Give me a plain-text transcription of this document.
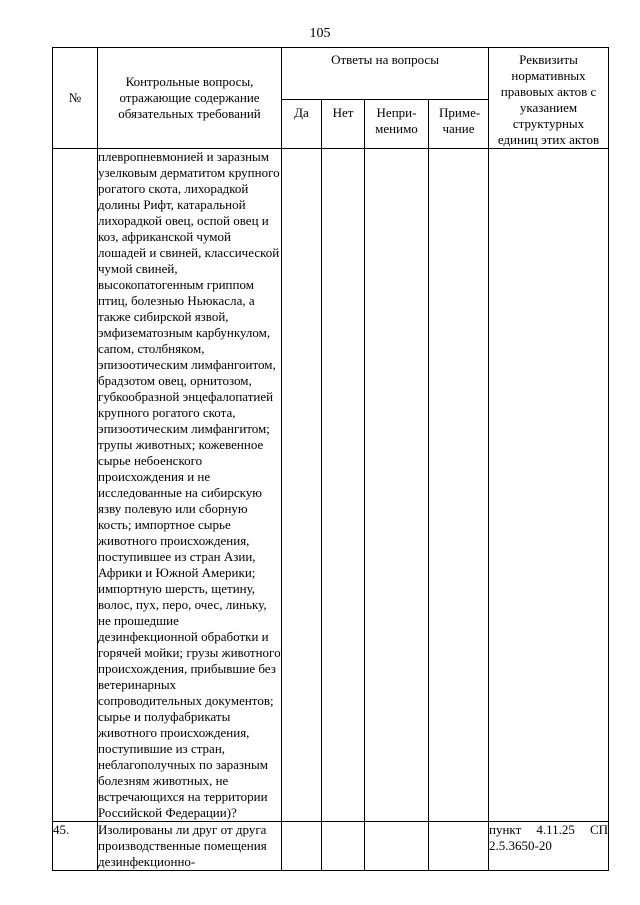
105
№	Контрольные вопросы, отражающие содержание обязательных требований	Ответы на вопросы				Реквизиты нормативных правовых актов с указанием структурных единиц этих актов
		Да	Нет	Непри- менимо	Приме- чание	
	плевропневмонией и заразным узелковым дерматитом крупного рогатого скота, лихорадкой долины Рифт, катаральной лихорадкой овец, оспой овец и коз, африканской чумой лошадей и свиней, классической чумой свиней, высокопатогенным гриппом птиц, болезнью Ньюкасла, а также сибирской язвой, эмфизематозным карбункулом, сапом, столбняком, эпизоотическим лимфангоитом, брадзотом овец, орнитозом, губкообразной энцефалопатией крупного рогатого скота, эпизоотическим лимфангитом; трупы животных; кожевенное сырье небоенского происхождения и не исследованные на сибирскую язву полевую или сборную кость; импортное сырье животного происхождения, поступившее из стран Азии, Африки и Южной Америки; импортную шерсть, щетину, волос, пух, перо, очес, линьку, не прошедшие дезинфекционной обработки и горячей мойки; грузы животного происхождения, прибывшие без ветеринарных сопроводительных документов; сырье и полуфабрикаты животного происхождения, поступившие из стран, неблагополучных по заразным болезням животных, не встречающихся на территории Российской Федерации)?					
45.	Изолированы ли друг от друга производственные помещения дезинфекционно-					пункт 4.11.25 СП 2.5.3650-20
